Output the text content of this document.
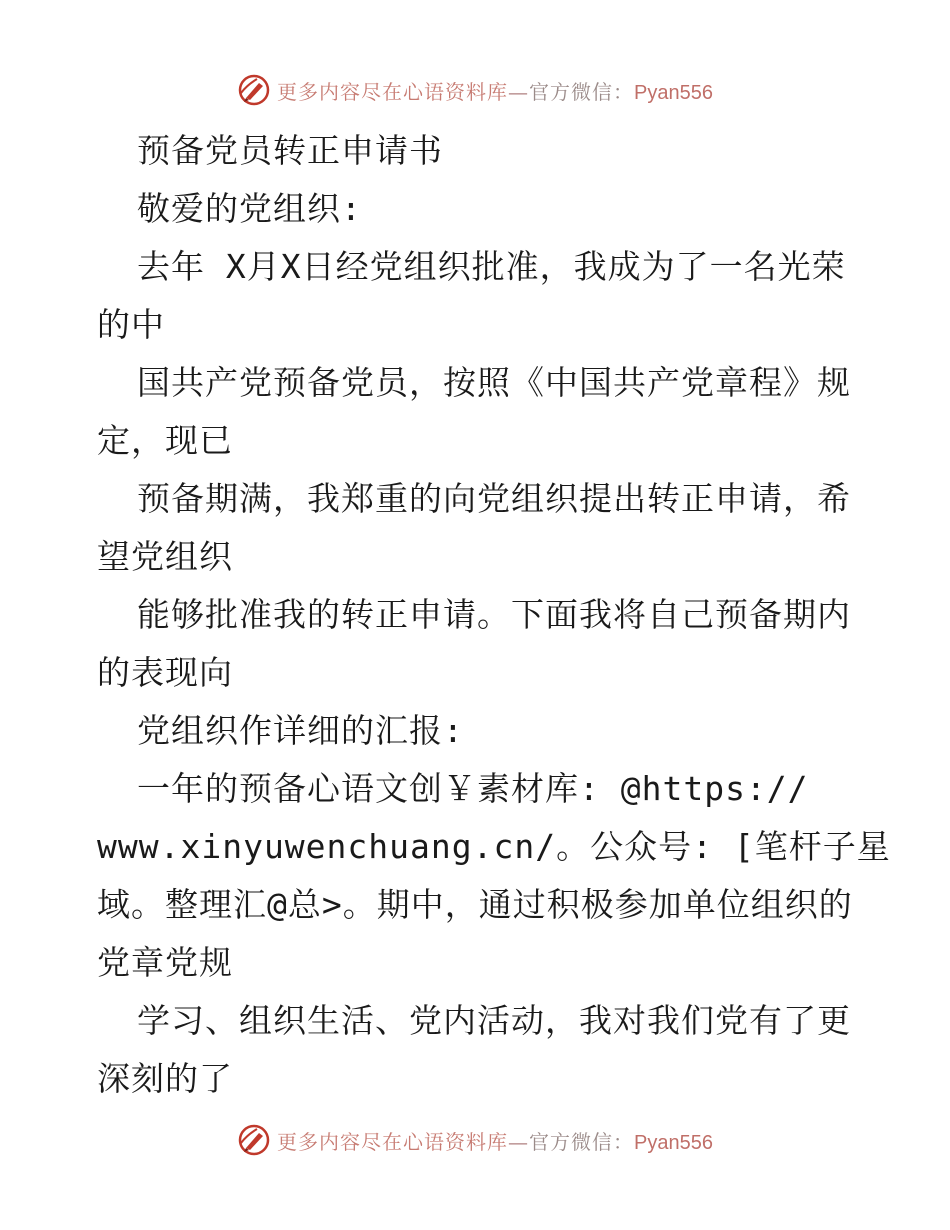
更多内容尽在心语资料库—官方微信：Pyan556
预备党员转正申请书
敬爱的党组织:
去年 X月X日经党组织批准，我成为了一名光荣
的中
国共产党预备党员，按照《中国共产党章程》规
定，现已
预备期满，我郑重的向党组织提出转正申请，希
望党组织
能够批准我的转正申请。下面我将自己预备期内
的表现向
党组织作详细的汇报:
一年的预备心语文创￥素材库: @https://
www.xinyuwenchuang.cn/。公众号: [笔杆子星
域。整理汇@总>。期中，通过积极参加单位组织的
党章党规
学习、组织生活、党内活动，我对我们党有了更
深刻的了
更多内容尽在心语资料库—官方微信：Pyan556
